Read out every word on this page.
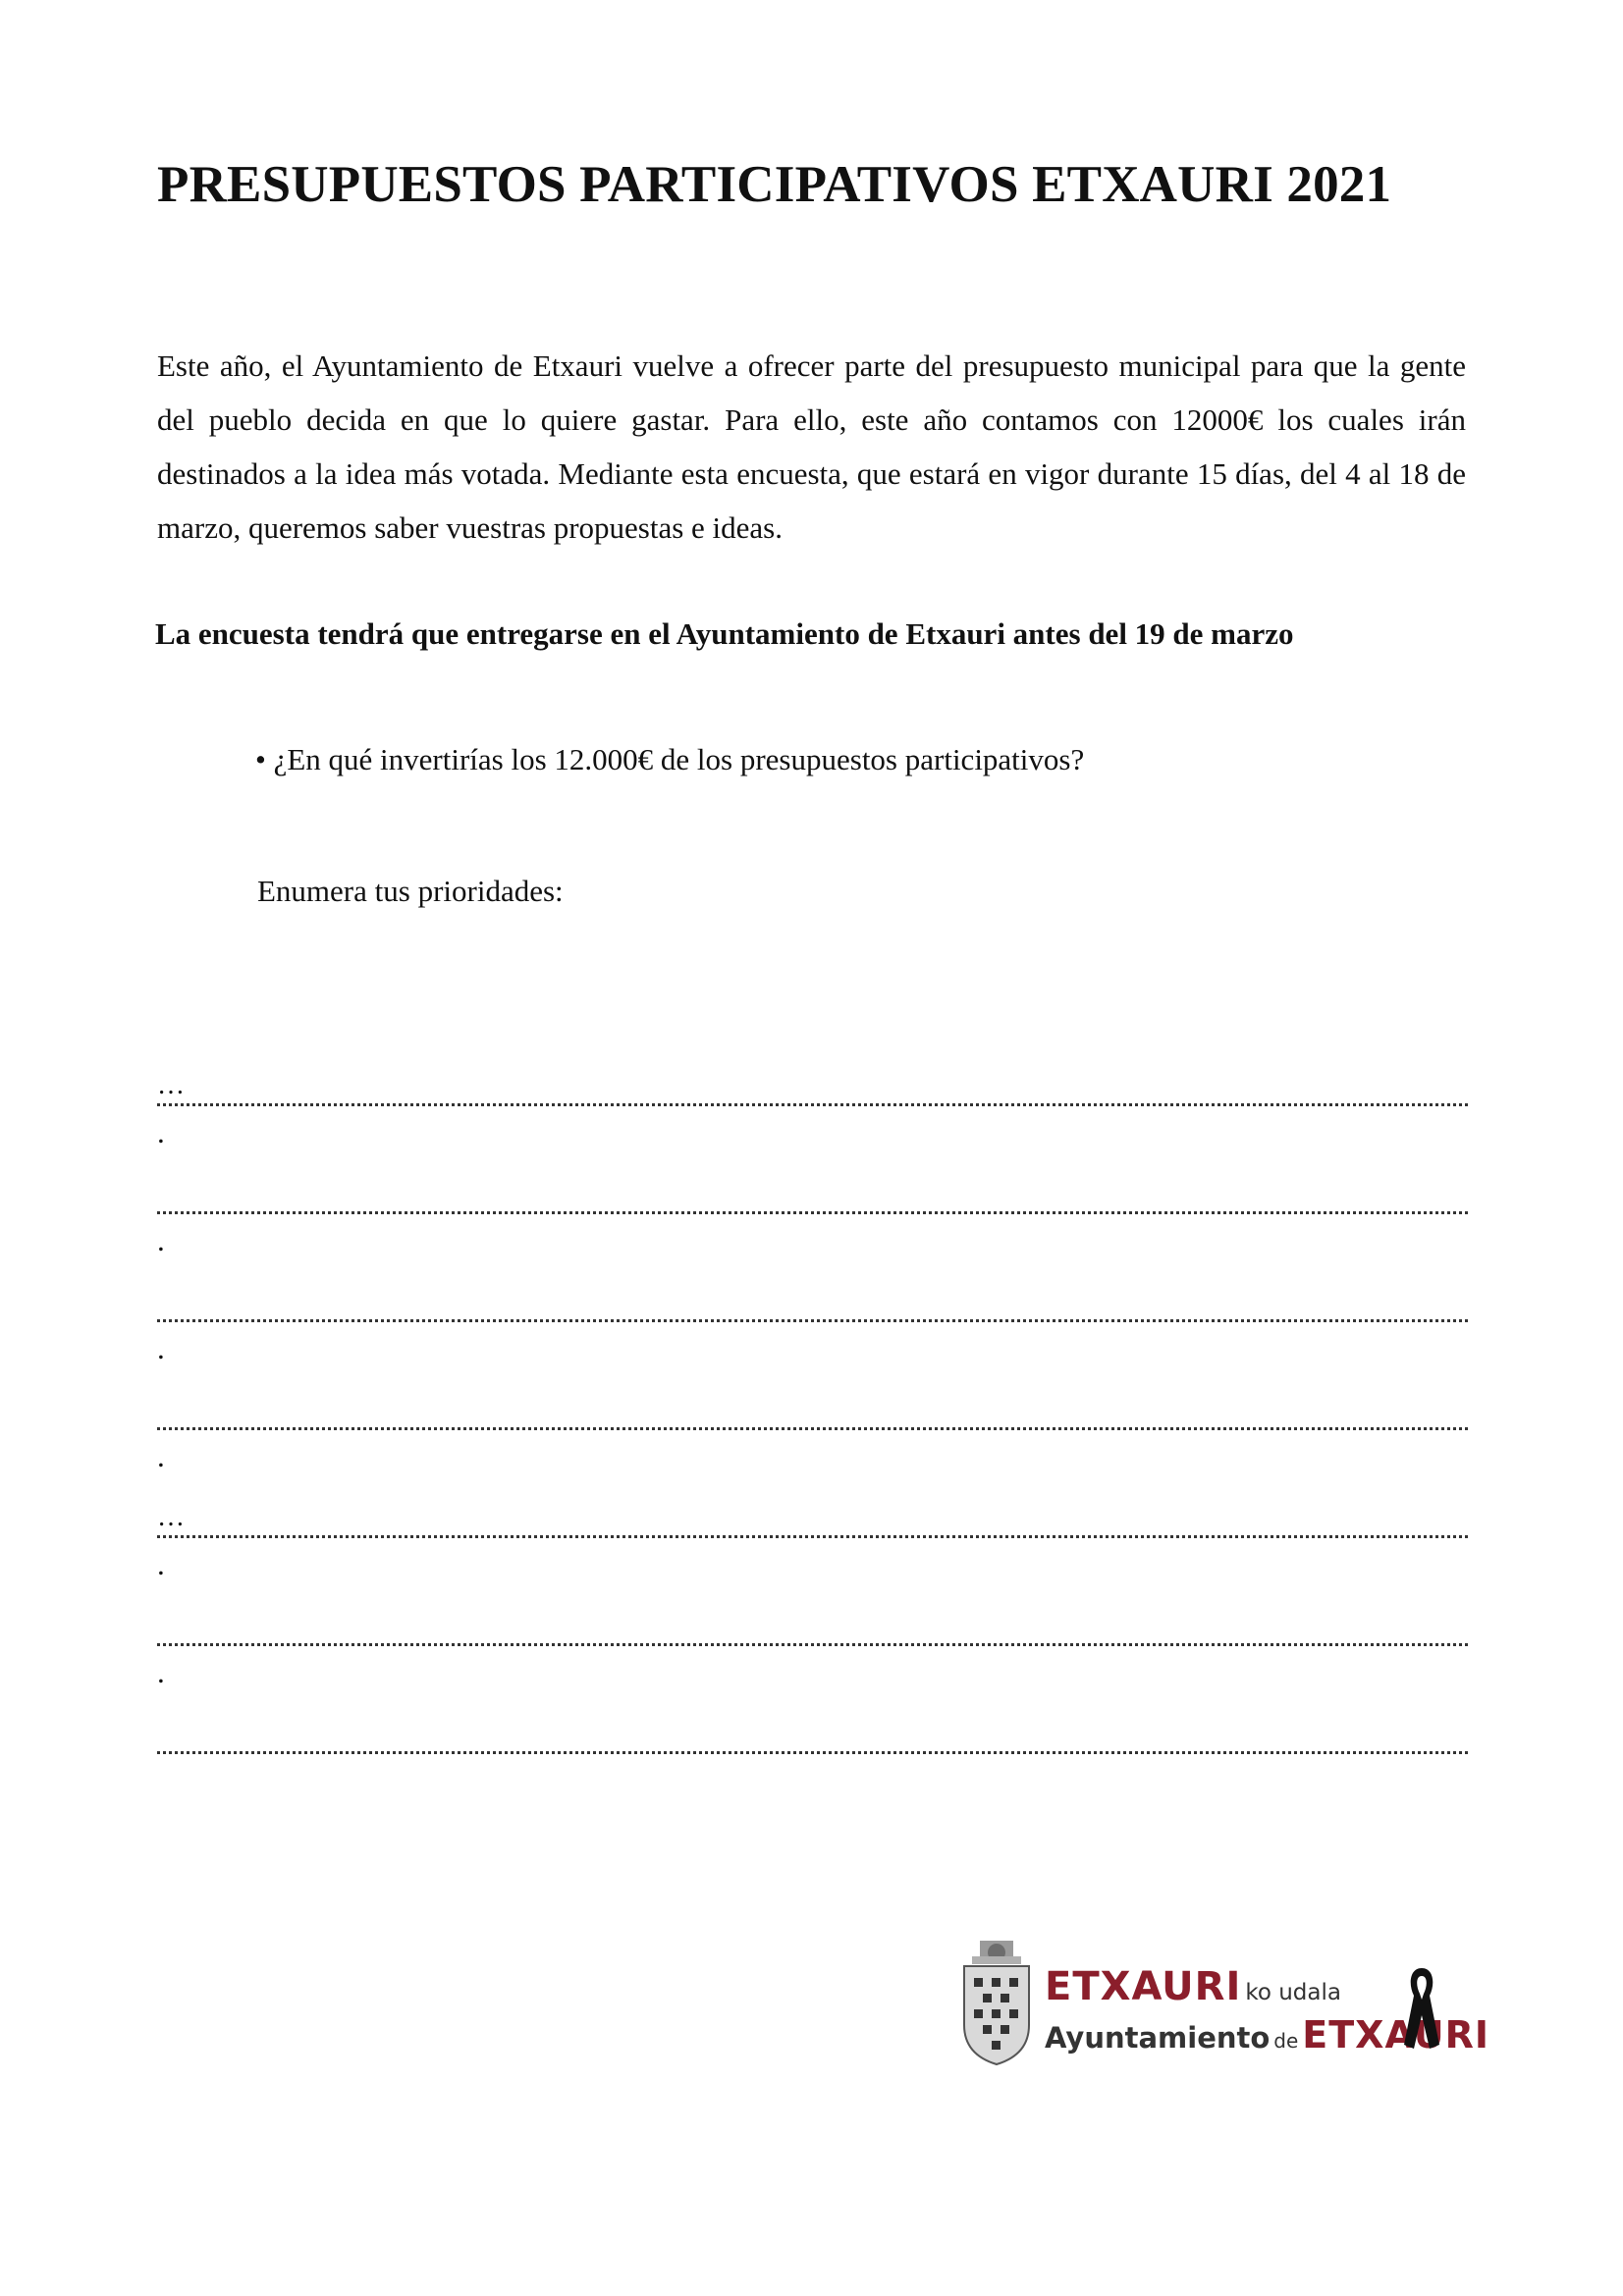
PRESUPUESTOS PARTICIPATIVOS ETXAURI 2021

Este año, el Ayuntamiento de Etxauri vuelve a ofrecer parte del presupuesto municipal para que la gente del pueblo decida en que lo quiere gastar. Para ello, este año contamos con 12000€ los cuales irán destinados a la idea más votada. Mediante esta encuesta, que estará en vigor durante 15 días, del 4 al 18 de marzo, queremos saber vuestras propuestas e ideas.

La encuesta tendrá que entregarse en el Ayuntamiento de Etxauri antes del 19 de marzo

• ¿En qué invertirías los 12.000€ de los presupuestos participativos?

Enumera tus prioridades:

…
.
.
.
.
…
.
.
ETXAURI ko udala
Ayuntamiento de ETXAURI
